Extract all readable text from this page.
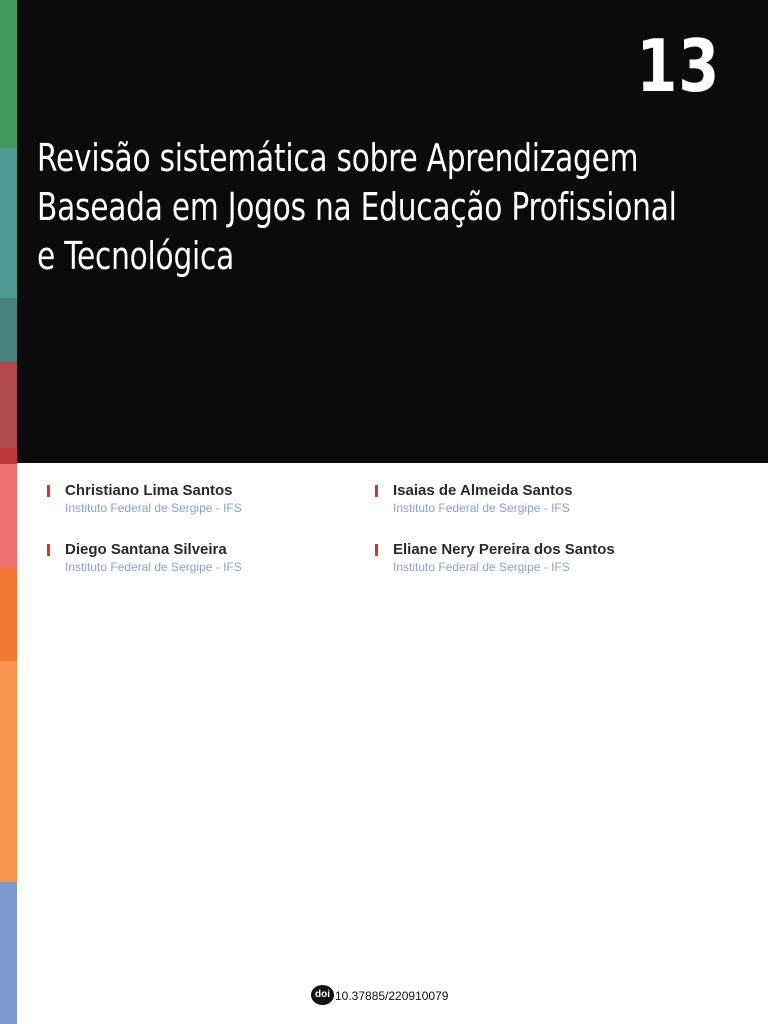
13
Revisão sistemática sobre Aprendizagem
Baseada em Jogos na Educação Profissional
e Tecnológica
Christiano Lima Santos
Instituto Federal de Sergipe - IFS
Isaias de Almeida Santos
Instituto Federal de Sergipe - IFS
Diego Santana Silveira
Instituto Federal de Sergipe - IFS
Eliane Nery Pereira dos Santos
Instituto Federal de Sergipe - IFS
doi 10.37885/220910079
